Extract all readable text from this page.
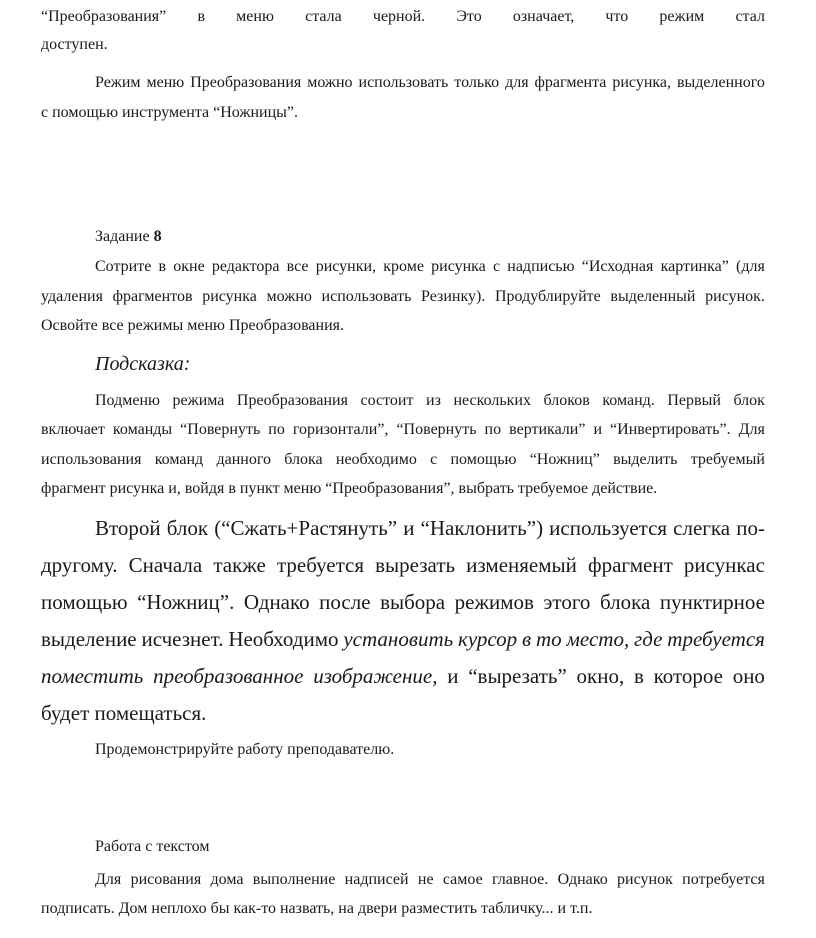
“Преобразования” в меню стала черной. Это означает, что режим стал
доступен.
Режим меню Преобразования можно использовать только для фрагмента рисунка, выделенного
с помощью инструмента “Ножницы”.
Задание 8
Сотрите в окне редактора все рисунки, кроме рисунка с надписью “Исходная картинка” (для
удаления фрагментов рисунка можно использовать Резинку). Продублируйте выделенный рисунок.
Освойте все режимы меню Преобразования.
Подсказка:
Подменю режима Преобразования состоит из нескольких блоков команд. Первый блок
включает команды “Повернуть по горизонтали”, “Повернуть по вертикали” и “Инвертировать”. Для
использования команд данного блока необходимо с помощью “Ножниц” выделить требуемый
фрагмент рисунка и, войдя в пункт меню “Преобразования”, выбрать требуемое действие.
Второй блок (“Сжать+Растянуть” и “Наклонить”) используется слегка по-
другому. Сначала также требуется вырезать изменяемый фрагмент рисункас
помощью “Ножниц”. Однако после выбора режимов этого блока пунктирное
выделение исчезнет. Необходимо установить курсор в то место, где требуется
поместить преобразованное изображение, и “вырезать” окно, в которое оно
будет помещаться.
Продемонстрируйте работу преподавателю.
Работа с текстом
Для рисования дома выполнение надписей не самое главное. Однако рисунок потребуется
подписать. Дом неплохо бы как-то назвать, на двери разместить табличку... и т.п.
